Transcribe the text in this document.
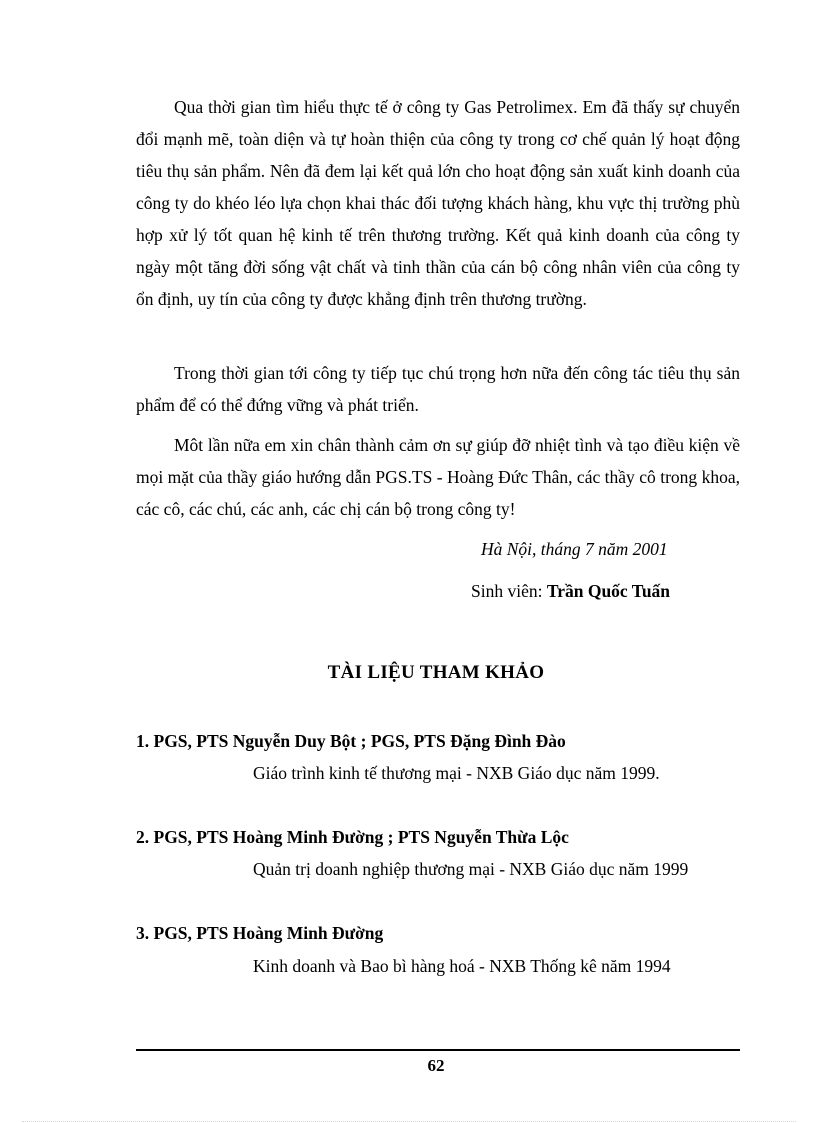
Qua thời gian tìm hiểu thực tế ở công ty Gas Petrolimex. Em đã thấy sự chuyển đổi mạnh mẽ, toàn diện và tự hoàn thiện của công ty trong cơ chế quản lý hoạt động tiêu thụ sản phẩm. Nên đã đem lại kết quả lớn cho hoạt động sản xuất kinh doanh của công ty do khéo léo lựa chọn khai thác đối tượng khách hàng, khu vực thị trường phù hợp xử lý tốt quan hệ kinh tế trên thương trường. Kết quả kinh doanh của công ty ngày một tăng đời sống vật chất và tinh thần của cán bộ công nhân viên của công ty ổn định, uy tín của công ty được khẳng định trên thương trường.

Trong thời gian tới công ty tiếp tục chú trọng hơn nữa đến công tác tiêu thụ sản phẩm để có thể đứng vững và phát triển.

Môt lần nữa em xin chân thành cảm ơn sự giúp đỡ nhiệt tình và tạo điều kiện về mọi mặt của thầy giáo hướng dẫn PGS.TS - Hoàng Đức Thân, các thầy cô trong khoa, các cô, các chú, các anh, các chị cán bộ trong công ty!

Hà Nội, tháng 7 năm 2001
Sinh viên: Trần Quốc Tuấn
TÀI LIỆU THAM KHẢO
1. PGS, PTS Nguyễn Duy Bột ; PGS, PTS Đặng Đình Đào
Giáo trình kinh tế thương mại - NXB Giáo dục năm 1999.
2. PGS, PTS Hoàng Minh Đường ; PTS Nguyễn Thừa Lộc
Quản trị doanh nghiệp thương mại - NXB Giáo dục năm 1999
3. PGS, PTS Hoàng Minh Đường
Kinh doanh và Bao bì hàng hoá - NXB Thống kê năm 1994
62
